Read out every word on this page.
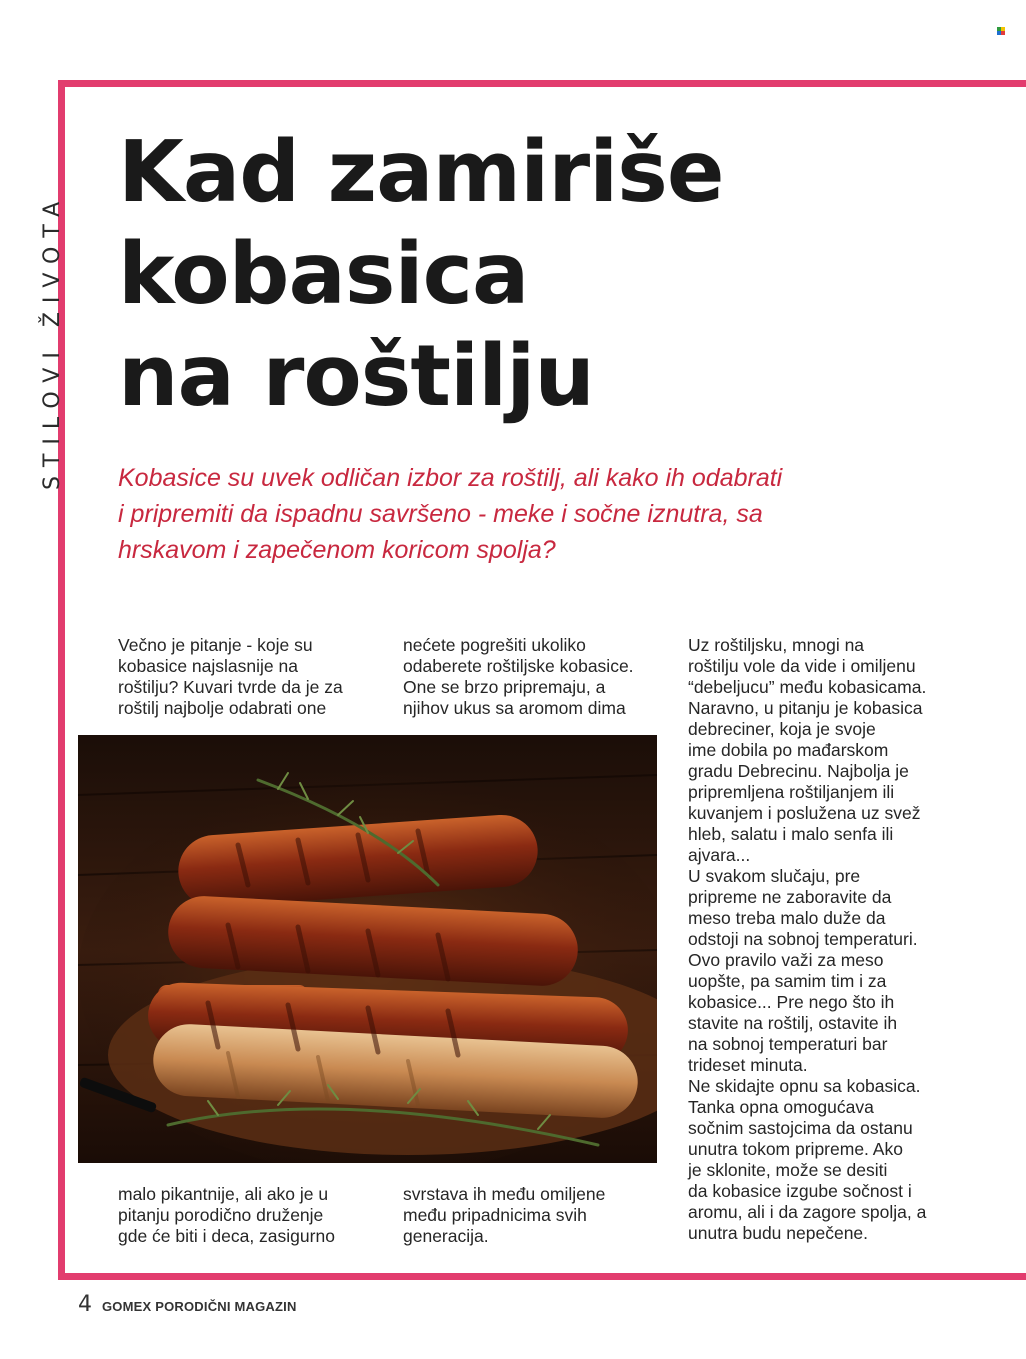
STILOVI ŽIVOTA
Kad zamiriše
kobasica
na roštilju
Kobasice su uvek odličan izbor za roštilj, ali kako ih odabrati
i pripremiti da ispadnu savršeno - meke i sočne iznutra, sa
hrskavom i zapečenom koricom spolja?
Večno je pitanje - koje su
kobasice najslasnije na
roštilju? Kuvari tvrde da je za
roštilj najbolje odabrati one
nećete pogrešiti ukoliko
odaberete roštiljske kobasice.
One se brzo pripremaju, a
njihov ukus sa aromom dima
Uz roštiljsku, mnogi na
roštilju vole da vide i omiljenu
“debeljucu” među kobasicama.
Naravno, u pitanju je kobasica
debreciner, koja je svoje
ime dobila po mađarskom
gradu Debrecinu. Najbolja je
pripremljena roštiljanjem ili
kuvanjem i poslužena uz svež
hleb, salatu i malo senfa ili
ajvara...
U svakom slučaju, pre
pripreme ne zaboravite da
meso treba malo duže da
odstoji na sobnoj temperaturi.
Ovo pravilo važi za meso
uopšte, pa samim tim i za
kobasice... Pre nego što ih
stavite na roštilj, ostavite ih
na sobnoj temperaturi bar
trideset minuta.
Ne skidajte opnu sa kobasica.
Tanka opna omogućava
sočnim sastojcima da ostanu
unutra tokom pripreme. Ako
je sklonite, može se desiti
da kobasice izgube sočnost i
aromu, ali i da zagore spolja, a
unutra budu nepečene.
malo pikantnije, ali ako je u
pitanju porodično druženje
gde će biti i deca, zasigurno
svrstava ih među omiljene
među pripadnicima svih
generacija.
4 GOMEX PORODIČNI MAGAZIN
